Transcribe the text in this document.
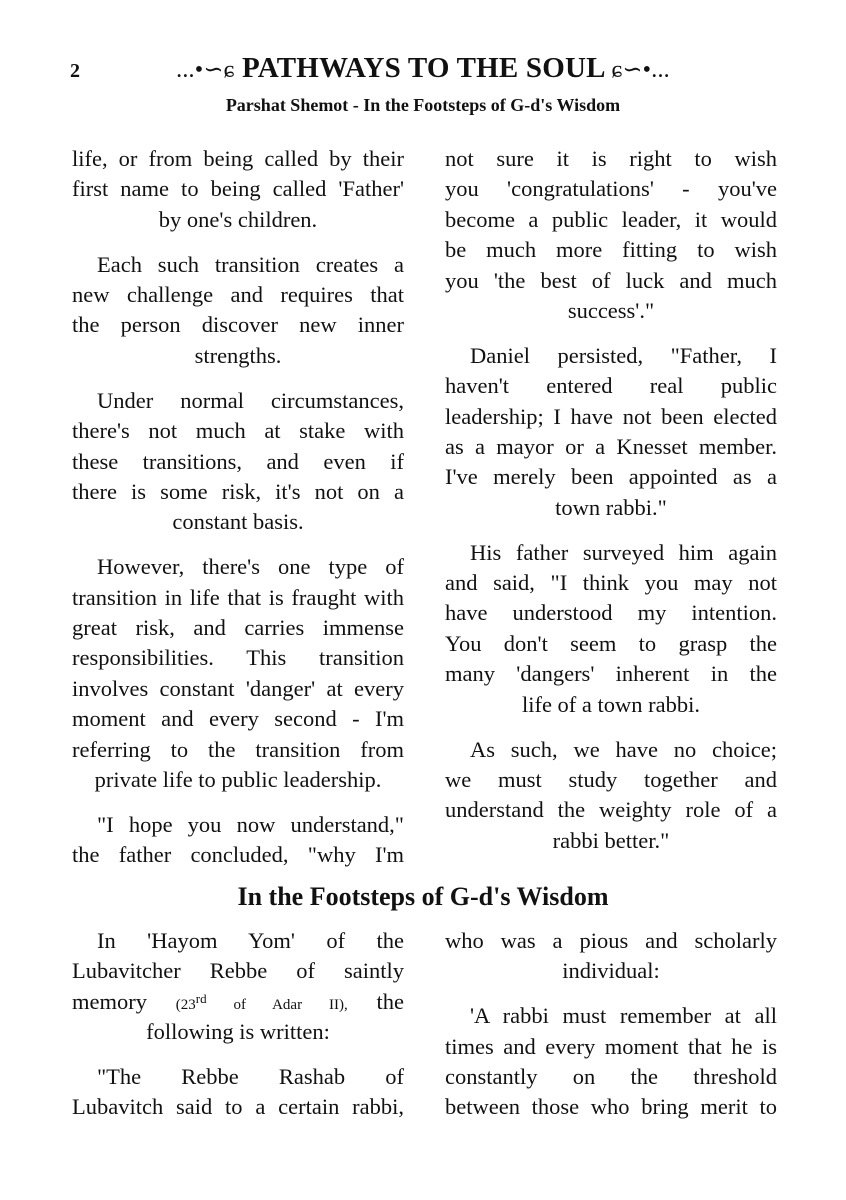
2	...•∽ɕ PATHWAYS TO THE SOUL ɕ∽•...
Parshat Shemot - In the Footsteps of G-d's Wisdom
life, or from being called by their
first name to being called 'Father'
by one's children.
Each such transition creates a
new challenge and requires that
the person discover new inner
strengths.
Under normal circumstances,
there's not much at stake with
these transitions, and even if
there is some risk, it's not on a
constant basis.
However, there's one type of
transition in life that is fraught with
great risk, and carries immense
responsibilities. This transition
involves constant 'danger' at every
moment and every second - I'm
referring to the transition from
private life to public leadership.
"I hope you now understand,"
the father concluded, "why I'm
not sure it is right to wish
you 'congratulations' - you've
become a public leader, it would
be much more fitting to wish
you 'the best of luck and much
success'."
Daniel persisted, "Father, I
haven't entered real public
leadership; I have not been elected
as a mayor or a Knesset member.
I've merely been appointed as a
town rabbi."
His father surveyed him again
and said, "I think you may not
have understood my intention.
You don't seem to grasp the
many 'dangers' inherent in the
life of a town rabbi.
As such, we have no choice;
we must study together and
understand the weighty role of a
rabbi better."
In the Footsteps of G-d's Wisdom
In 'Hayom Yom' of the
Lubavitcher Rebbe of saintly
memory (23rd of Adar II), the
following is written:
"The Rebbe Rashab of
Lubavitch said to a certain rabbi,
who was a pious and scholarly
individual:
'A rabbi must remember at all
times and every moment that he is
constantly on the threshold
between those who bring merit to
